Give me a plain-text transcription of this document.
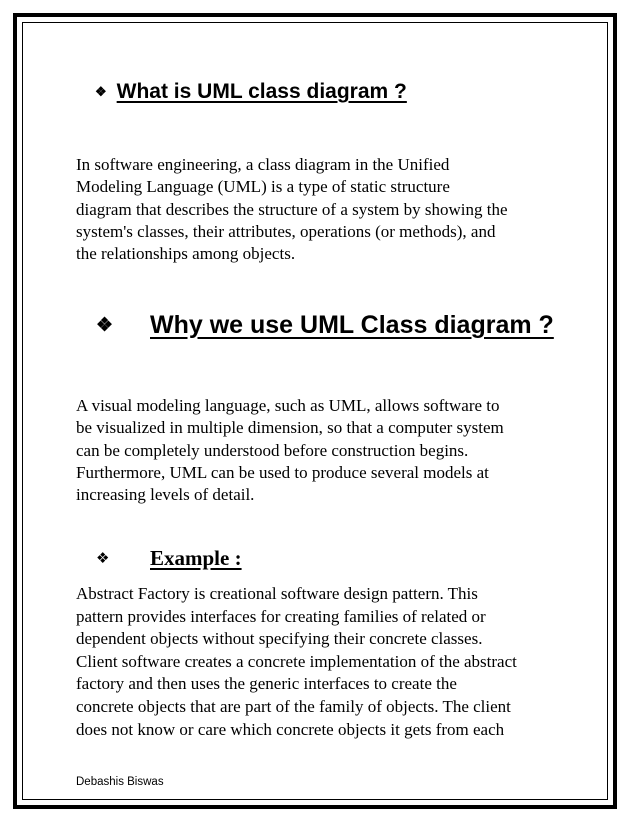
❖ What is UML class diagram ?
In software engineering, a class diagram in the Unified
Modeling Language (UML) is a type of static structure
diagram that describes the structure of a system by showing the
system's classes, their attributes, operations (or methods), and
the relationships among objects.
❖ Why we use UML Class diagram ?
A visual modeling language, such as UML, allows software to
be visualized in multiple dimension, so that a computer system
can be completely understood before construction begins.
Furthermore, UML can be used to produce several models at
increasing levels of detail.
❖ Example :
Abstract Factory is creational software design pattern. This
pattern provides interfaces for creating families of related or
dependent objects without specifying their concrete classes.
Client software creates a concrete implementation of the abstract
factory and then uses the generic interfaces to create the
concrete objects that are part of the family of objects. The client
does not know or care which concrete objects it gets from each
Debashis Biswas
